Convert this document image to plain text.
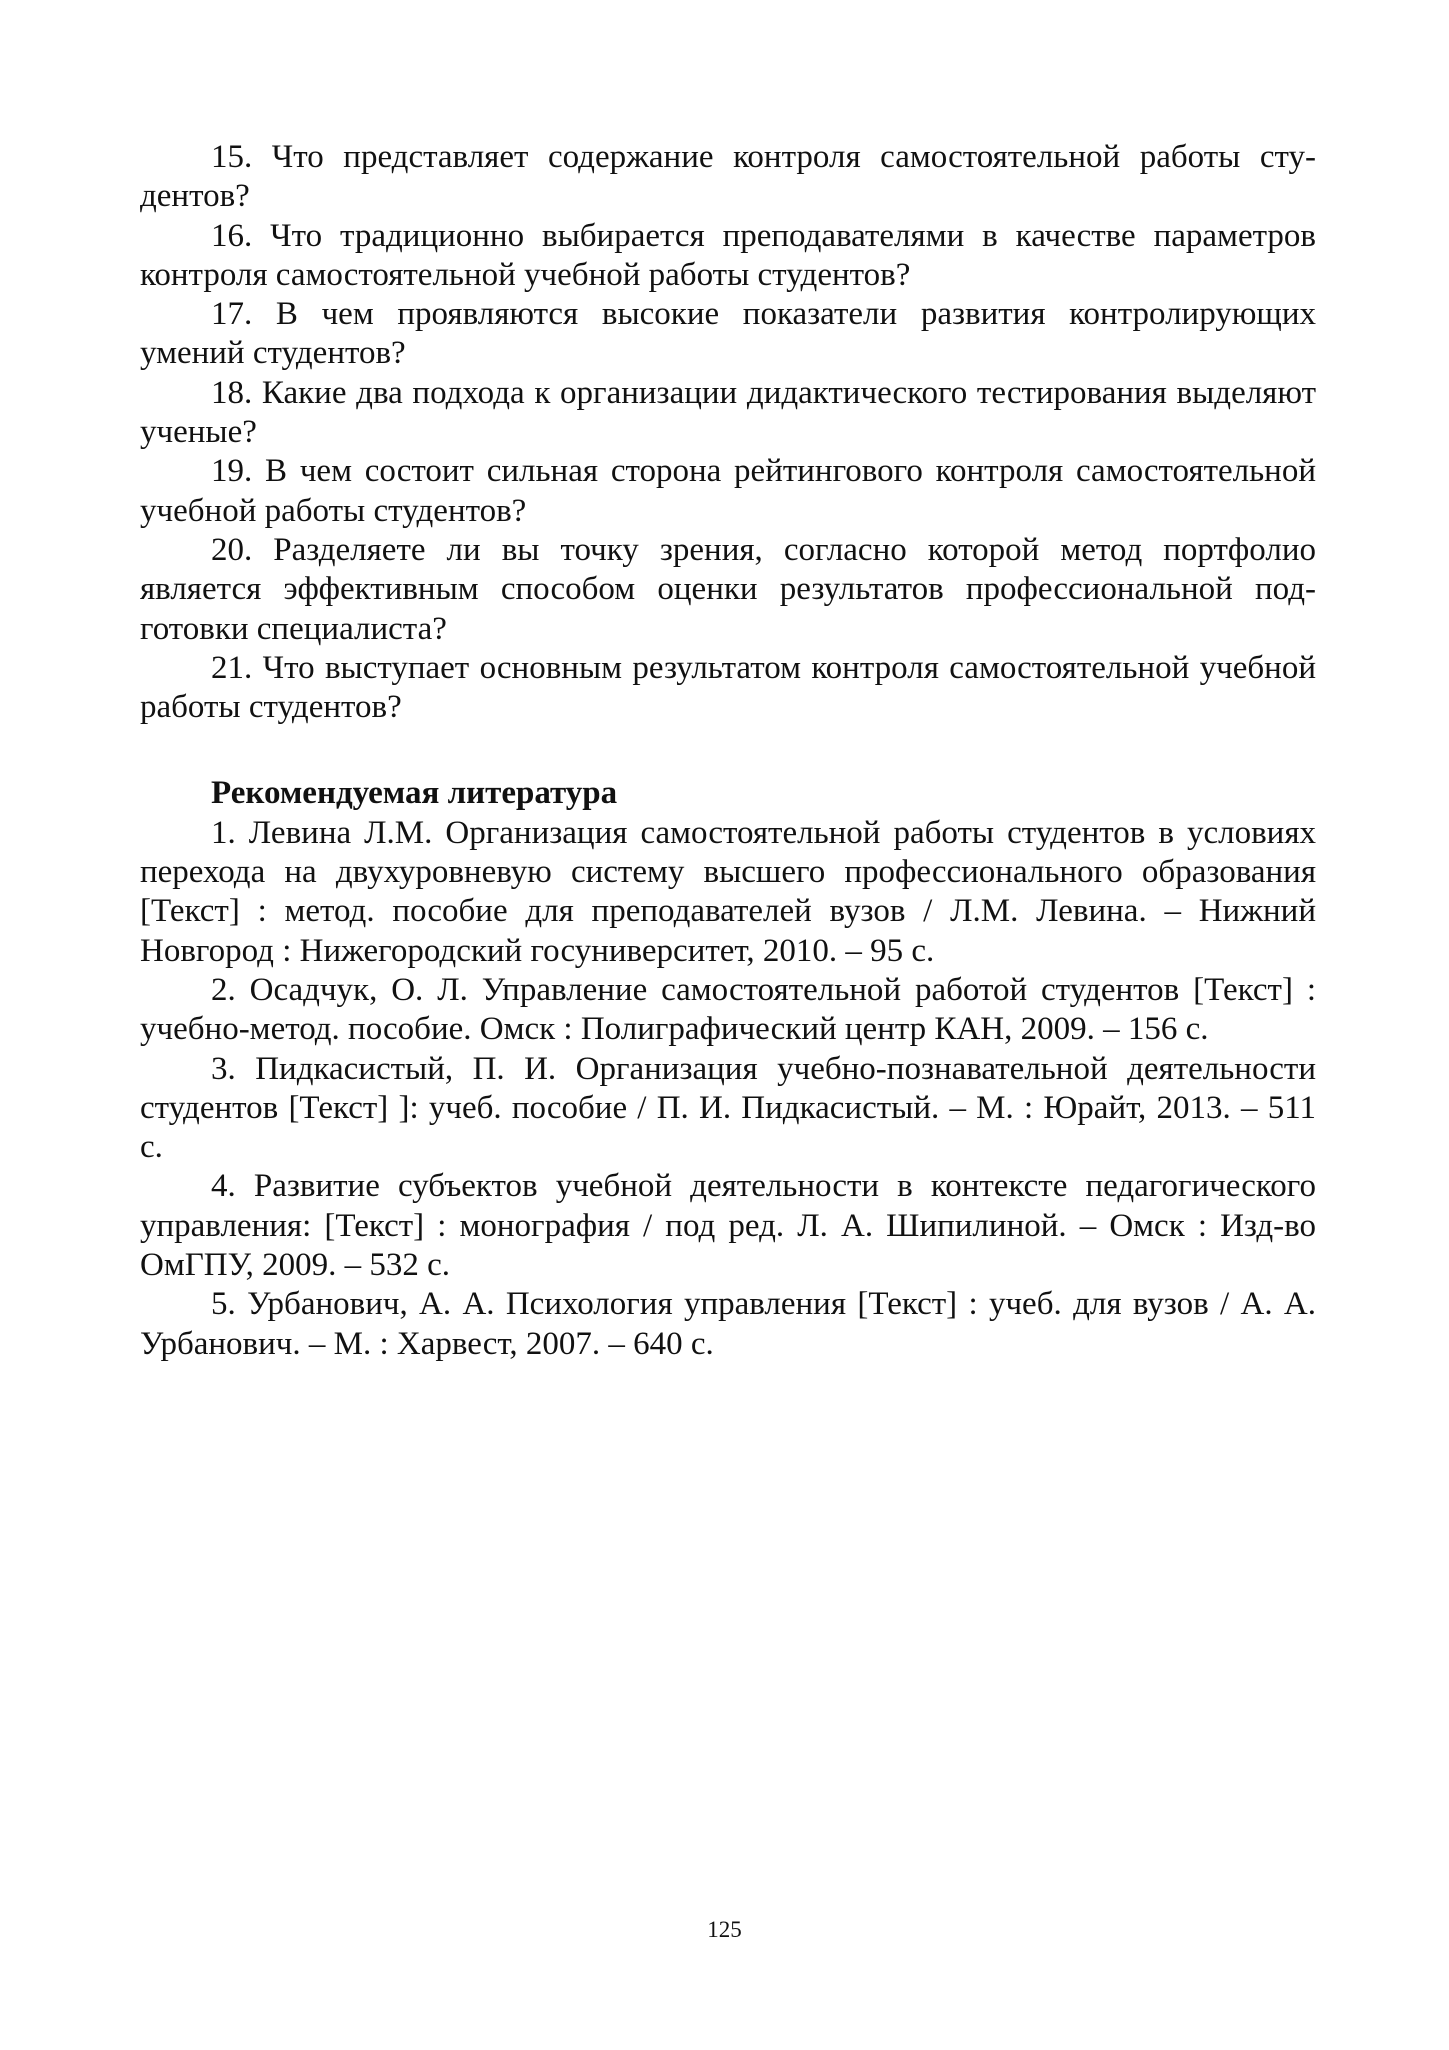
15. Что представляет содержание контроля самостоятельной работы студентов?

16. Что традиционно выбирается преподавателями в качестве параметров контроля самостоятельной учебной работы студентов?

17. В чем проявляются высокие показатели развития контролирующих умений студентов?

18. Какие два подхода к организации дидактического тестирования выделяют ученые?

19. В чем состоит сильная сторона рейтингового контроля самостоятельной учебной работы студентов?

20. Разделяете ли вы точку зрения, согласно которой метод портфолио является эффективным способом оценки результатов профессиональной подготовки специалиста?

21. Что выступает основным результатом контроля самостоятельной учебной работы студентов?

Рекомендуемая литература

1. Левина Л.М. Организация самостоятельной работы студентов в условиях перехода на двухуровневую систему высшего профессионального образования [Текст] : метод. пособие для преподавателей вузов / Л.М. Левина. – Нижний Новгород : Нижегородский госуниверситет, 2010. – 95 с.

2. Осадчук, О. Л. Управление самостоятельной работой студентов [Текст] : учебно-метод. пособие. Омск : Полиграфический центр КАН, 2009. – 156 с.

3. Пидкасистый, П. И. Организация учебно-познавательной деятельности студентов [Текст] ]: учеб. пособие / П. И. Пидкасистый. – М. : Юрайт, 2013. – 511 с.

4. Развитие субъектов учебной деятельности в контексте педагогического управления: [Текст] : монография / под ред. Л. А. Шипилиной. – Омск : Изд-во ОмГПУ, 2009. – 532 с.

5. Урбанович, А. А. Психология управления [Текст] : учеб. для вузов / А. А. Урбанович. – М. : Харвест, 2007. – 640 с.

125
